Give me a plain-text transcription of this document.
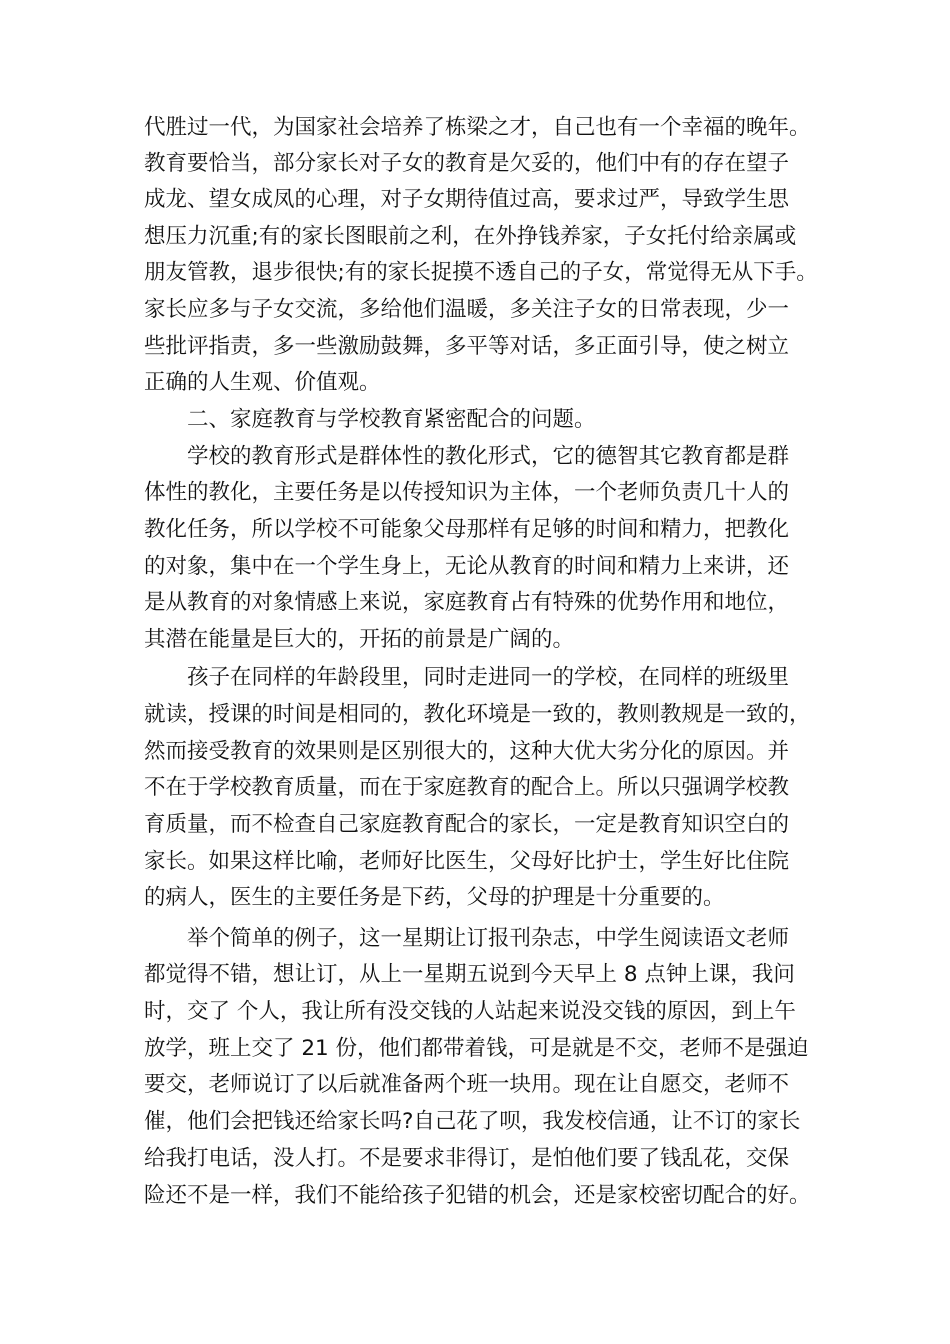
代胜过一代，为国家社会培养了栋梁之才，自己也有一个幸福的晚年。
教育要恰当，部分家长对子女的教育是欠妥的，他们中有的存在望子
成龙、望女成凤的心理，对子女期待值过高，要求过严，导致学生思
想压力沉重;有的家长图眼前之利，在外挣钱养家，子女托付给亲属或
朋友管教，退步很快;有的家长捉摸不透自己的子女，常觉得无从下手。
家长应多与子女交流，多给他们温暖，多关注子女的日常表现，少一
些批评指责，多一些激励鼓舞，多平等对话，多正面引导，使之树立
正确的人生观、价值观。
二、家庭教育与学校教育紧密配合的问题。
学校的教育形式是群体性的教化形式，它的德智其它教育都是群
体性的教化，主要任务是以传授知识为主体，一个老师负责几十人的
教化任务，所以学校不可能象父母那样有足够的时间和精力，把教化
的对象，集中在一个学生身上，无论从教育的时间和精力上来讲，还
是从教育的对象情感上来说，家庭教育占有特殊的优势作用和地位，
其潜在能量是巨大的，开拓的前景是广阔的。
孩子在同样的年龄段里，同时走进同一的学校，在同样的班级里
就读，授课的时间是相同的，教化环境是一致的，教则教规是一致的，
然而接受教育的效果则是区别很大的，这种大优大劣分化的原因。并
不在于学校教育质量，而在于家庭教育的配合上。所以只强调学校教
育质量，而不检查自己家庭教育配合的家长，一定是教育知识空白的
家长。如果这样比喻，老师好比医生，父母好比护士，学生好比住院
的病人，医生的主要任务是下药，父母的护理是十分重要的。
举个简单的例子，这一星期让订报刊杂志，中学生阅读语文老师
都觉得不错，想让订，从上一星期五说到今天早上 8 点钟上课，我问
时，交了 个人，我让所有没交钱的人站起来说没交钱的原因，到上午
放学，班上交了 21 份，他们都带着钱，可是就是不交，老师不是强迫
要交，老师说订了以后就准备两个班一块用。现在让自愿交，老师不
催，他们会把钱还给家长吗?自己花了呗，我发校信通，让不订的家长
给我打电话，没人打。不是要求非得订，是怕他们要了钱乱花，交保
险还不是一样，我们不能给孩子犯错的机会，还是家校密切配合的好。
